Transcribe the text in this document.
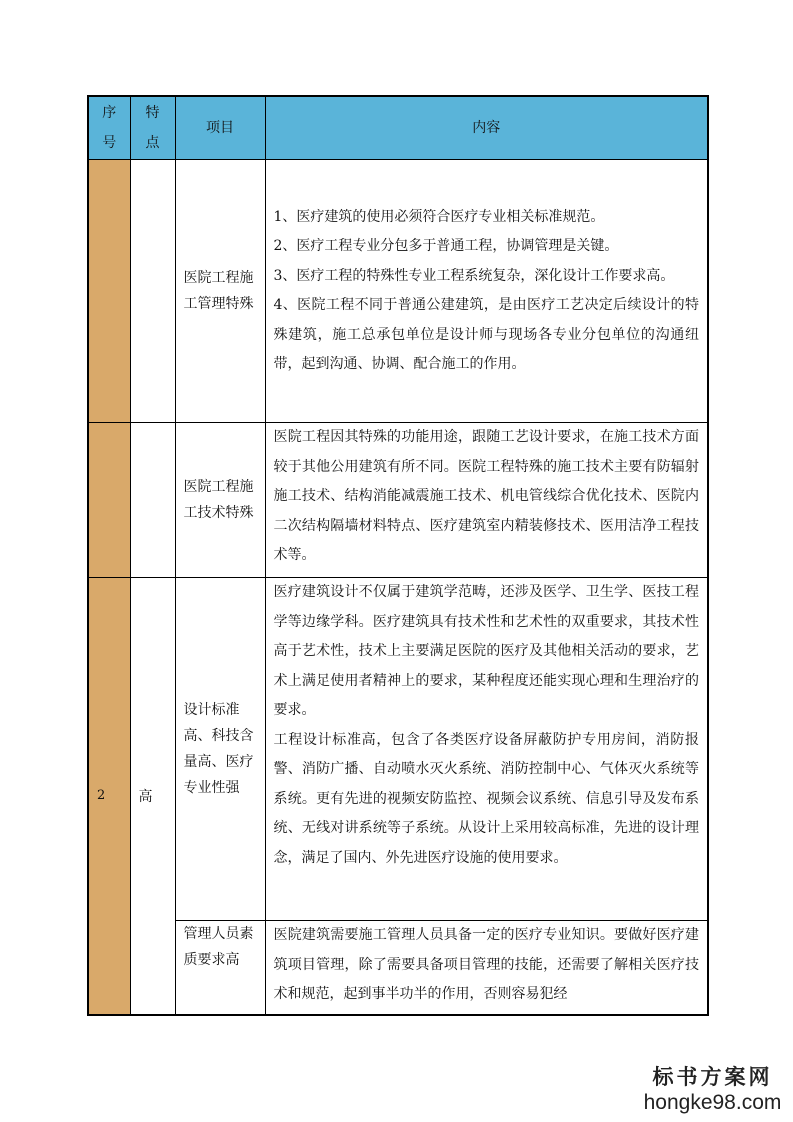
序号	特点	项目	内容

		医院工程施工管理特殊	1、医疗建筑的使用必须符合医疗专业相关标准规范。

2、医疗工程专业分包多于普通工程，协调管理是关键。

3、医疗工程的特殊性专业工程系统复杂，深化设计工作要求高。

4、医院工程不同于普通公建建筑，是由医疗工艺决定后续设计的特殊建筑，施工总承包单位是设计师与现场各专业分包单位的沟通纽带，起到沟通、协调、配合施工的作用。

		医院工程施工技术特殊	医院工程因其特殊的功能用途，跟随工艺设计要求，在施工技术方面较于其他公用建筑有所不同。医院工程特殊的施工技术主要有防辐射施工技术、结构消能减震施工技术、机电管线综合优化技术、医院内二次结构隔墙材料特点、医疗建筑室内精装修技术、医用洁净工程技术等。

2	高	设计标准高、科技含量高、医疗专业性强	医疗建筑设计不仅属于建筑学范畴，还涉及医学、卫生学、医技工程学等边缘学科。医疗建筑具有技术性和艺术性的双重要求，其技术性高于艺术性，技术上主要满足医院的医疗及其他相关活动的要求，艺术上满足使用者精神上的要求，某种程度还能实现心理和生理治疗的要求。

工程设计标准高，包含了各类医疗设备屏蔽防护专用房间，消防报警、消防广播、自动喷水灭火系统、消防控制中心、气体灭火系统等系统。更有先进的视频安防监控、视频会议系统、信息引导及发布系统、无线对讲系统等子系统。从设计上采用较高标准，先进的设计理念，满足了国内、外先进医疗设施的使用要求。

		管理人员素质要求高	医院建筑需要施工管理人员具备一定的医疗专业知识。要做好医疗建筑项目管理，除了需要具备项目管理的技能，还需要了解相关医疗技术和规范，起到事半功半的作用，否则容易犯经

标书方案网
hongke98.com
